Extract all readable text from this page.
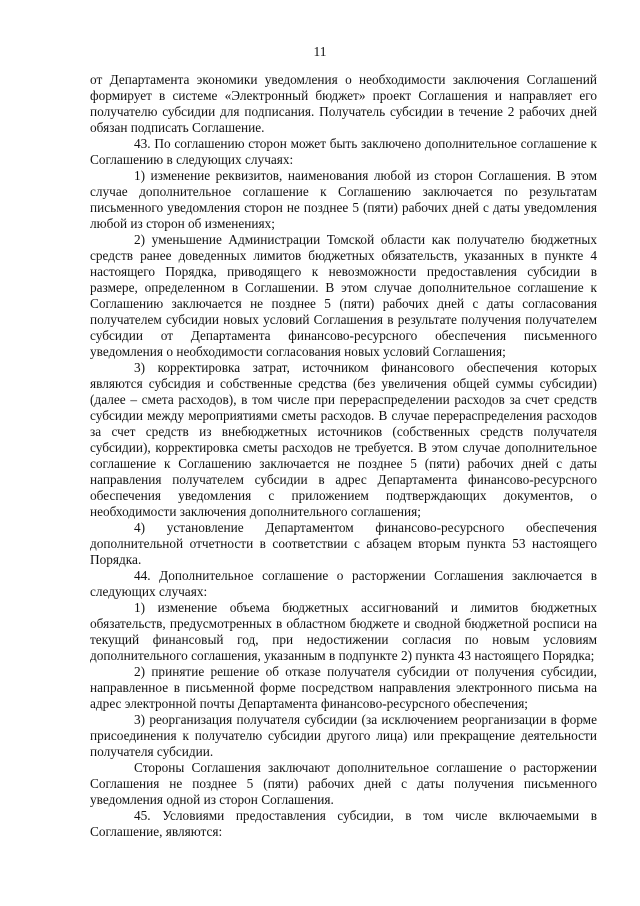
11

от Департамента экономики уведомления о необходимости заключения Соглашений формирует в системе «Электронный бюджет» проект Соглашения и направляет его получателю субсидии для подписания. Получатель субсидии в течение 2 рабочих дней обязан подписать Соглашение.

43. По соглашению сторон может быть заключено дополнительное соглашение к Соглашению в следующих случаях:

1) изменение реквизитов, наименования любой из сторон Соглашения. В этом случае дополнительное соглашение к Соглашению заключается по результатам письменного уведомления сторон не позднее 5 (пяти) рабочих дней с даты уведомления любой из сторон об изменениях;

2) уменьшение Администрации Томской области как получателю бюджетных средств ранее доведенных лимитов бюджетных обязательств, указанных в пункте 4 настоящего Порядка, приводящего к невозможности предоставления субсидии в размере, определенном в Соглашении. В этом случае дополнительное соглашение к Соглашению заключается не позднее 5 (пяти) рабочих дней с даты согласования получателем субсидии новых условий Соглашения в результате получения получателем субсидии от Департамента финансово-ресурсного обеспечения письменного уведомления о необходимости согласования новых условий Соглашения;

3) корректировка затрат, источником финансового обеспечения которых являются субсидия и собственные средства (без увеличения общей суммы субсидии) (далее – смета расходов), в том числе при перераспределении расходов за счет средств субсидии между мероприятиями сметы расходов. В случае перераспределения расходов за счет средств из внебюджетных источников (собственных средств получателя субсидии), корректировка сметы расходов не требуется. В этом случае дополнительное соглашение к Соглашению заключается не позднее 5 (пяти) рабочих дней с даты направления получателем субсидии в адрес Департамента финансово-ресурсного обеспечения уведомления с приложением подтверждающих документов, о необходимости заключения дополнительного соглашения;

4) установление Департаментом финансово-ресурсного обеспечения дополнительной отчетности в соответствии с абзацем вторым пункта 53 настоящего Порядка.

44. Дополнительное соглашение о расторжении Соглашения заключается в следующих случаях:

1) изменение объема бюджетных ассигнований и лимитов бюджетных обязательств, предусмотренных в областном бюджете и сводной бюджетной росписи на текущий финансовый год, при недостижении согласия по новым условиям дополнительного соглашения, указанным в подпункте 2) пункта 43 настоящего Порядка;

2) принятие решение об отказе получателя субсидии от получения субсидии, направленное в письменной форме посредством направления электронного письма на адрес электронной почты Департамента финансово-ресурсного обеспечения;

3) реорганизация получателя субсидии (за исключением реорганизации в форме присоединения к получателю субсидии другого лица) или прекращение деятельности получателя субсидии.

Стороны Соглашения заключают дополнительное соглашение о расторжении Соглашения не позднее 5 (пяти) рабочих дней с даты получения письменного уведомления одной из сторон Соглашения.

45. Условиями предоставления субсидии, в том числе включаемыми в Соглашение, являются:
